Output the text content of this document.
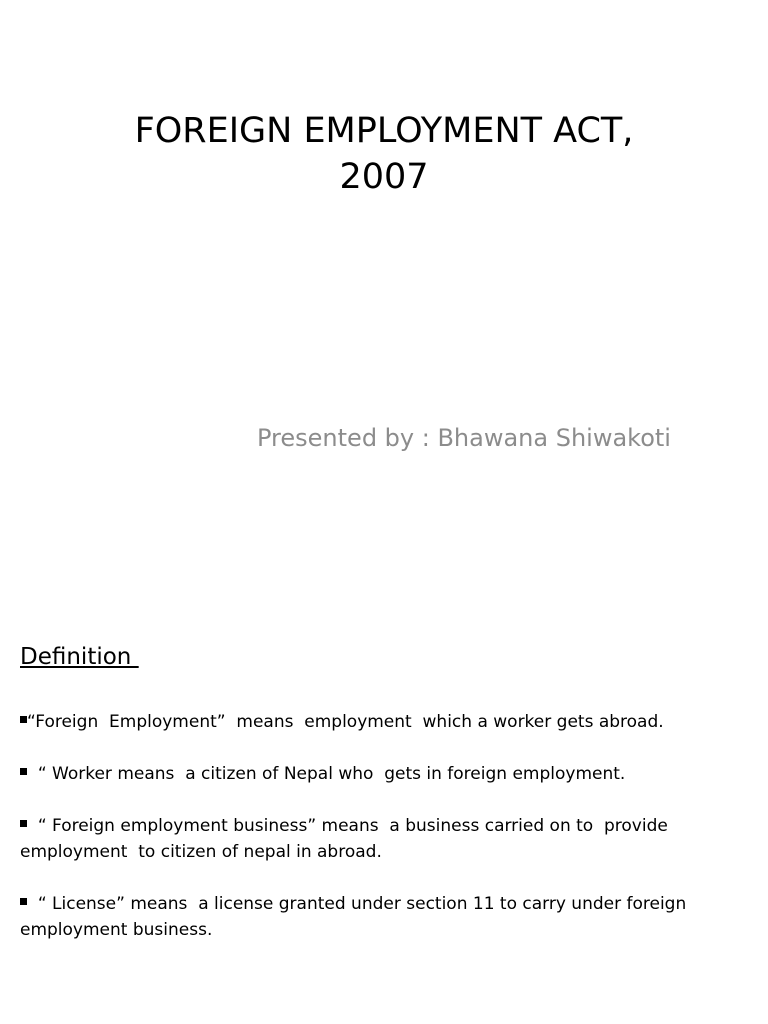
FOREIGN EMPLOYMENT ACT,
2007
Presented by : Bhawana Shiwakoti
Definition
“Foreign  Employment”  means  employment  which a worker gets abroad.
“ Worker means  a citizen of Nepal who  gets in foreign employment.
“ Foreign employment business” means  a business carried on to  provide employment  to citizen of nepal in abroad.
“ License” means  a license granted under section 11 to carry under foreign employment business.
